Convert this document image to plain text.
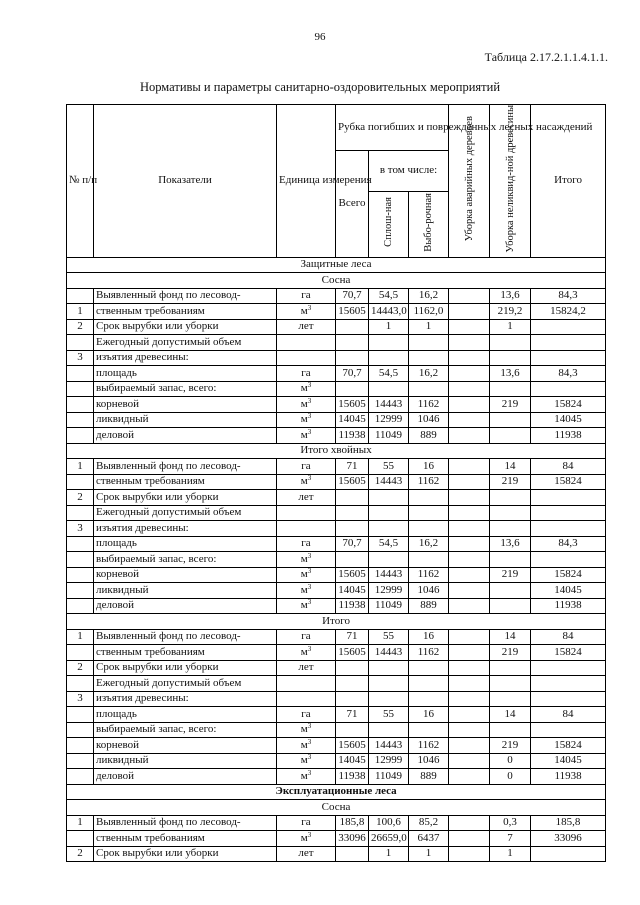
96
Таблица 2.17.2.1.1.4.1.1.
Нормативы и параметры санитарно-оздоровительных мероприятий
№ п/п	Показатели	Единица измерения	Рубка погибших и поврежденных лесных насаждений			Уборка аварийных деревьев	Уборка неликвид-ной древесины	Итого
			Всего	в том числе:				
				Сплош-ная	Выбо-рочная			
Защитные леса								
Сосна								
	Выявленный фонд по лесовод-	га	70,7	54,5	16,2		13,6	84,3
1	ственным требованиям	$м^3$	15605	14443,0	1162,0		219,2	15824,2
2	Срок вырубки или уборки	лет		1	1		1	
	Ежегодный допустимый объем							
3	изъятия древесины:							
	площадь	га	70,7	54,5	16,2		13,6	84,3
	выбираемый запас, всего:	$м^3$						
	корневой	$м^3$	15605	14443	1162		219	15824
	ликвидный	$м^3$	14045	12999	1046			14045
	деловой	$м^3$	11938	11049	889			11938
Итого хвойных								
1	Выявленный фонд по лесовод-	га	71	55	16		14	84
	ственным требованиям	$м^3$	15605	14443	1162		219	15824
2	Срок вырубки или уборки	лет						
	Ежегодный допустимый объем							
3	изъятия древесины:							
	площадь	га	70,7	54,5	16,2		13,6	84,3
	выбираемый запас, всего:	$м^3$						
	корневой	$м^3$	15605	14443	1162		219	15824
	ликвидный	$м^3$	14045	12999	1046			14045
	деловой	$м^3$	11938	11049	889			11938
Итого								
1	Выявленный фонд по лесовод-	га	71	55	16		14	84
	ственным требованиям	$м^3$	15605	14443	1162		219	15824
2	Срок вырубки или уборки	лет						
	Ежегодный допустимый объем							
3	изъятия древесины:							
	площадь	га	71	55	16		14	84
	выбираемый запас, всего:	$м^3$						
	корневой	$м^3$	15605	14443	1162		219	15824
	ликвидный	$м^3$	14045	12999	1046		0	14045
	деловой	$м^3$	11938	11049	889		0	11938
Эксплуатационные леса								
Сосна								
1	Выявленный фонд по лесовод-	га	185,8	100,6	85,2		0,3	185,8
	ственным требованиям	$м^3$	33096	26659,0	6437		7	33096
2	Срок вырубки или уборки	лет		1	1		1	
